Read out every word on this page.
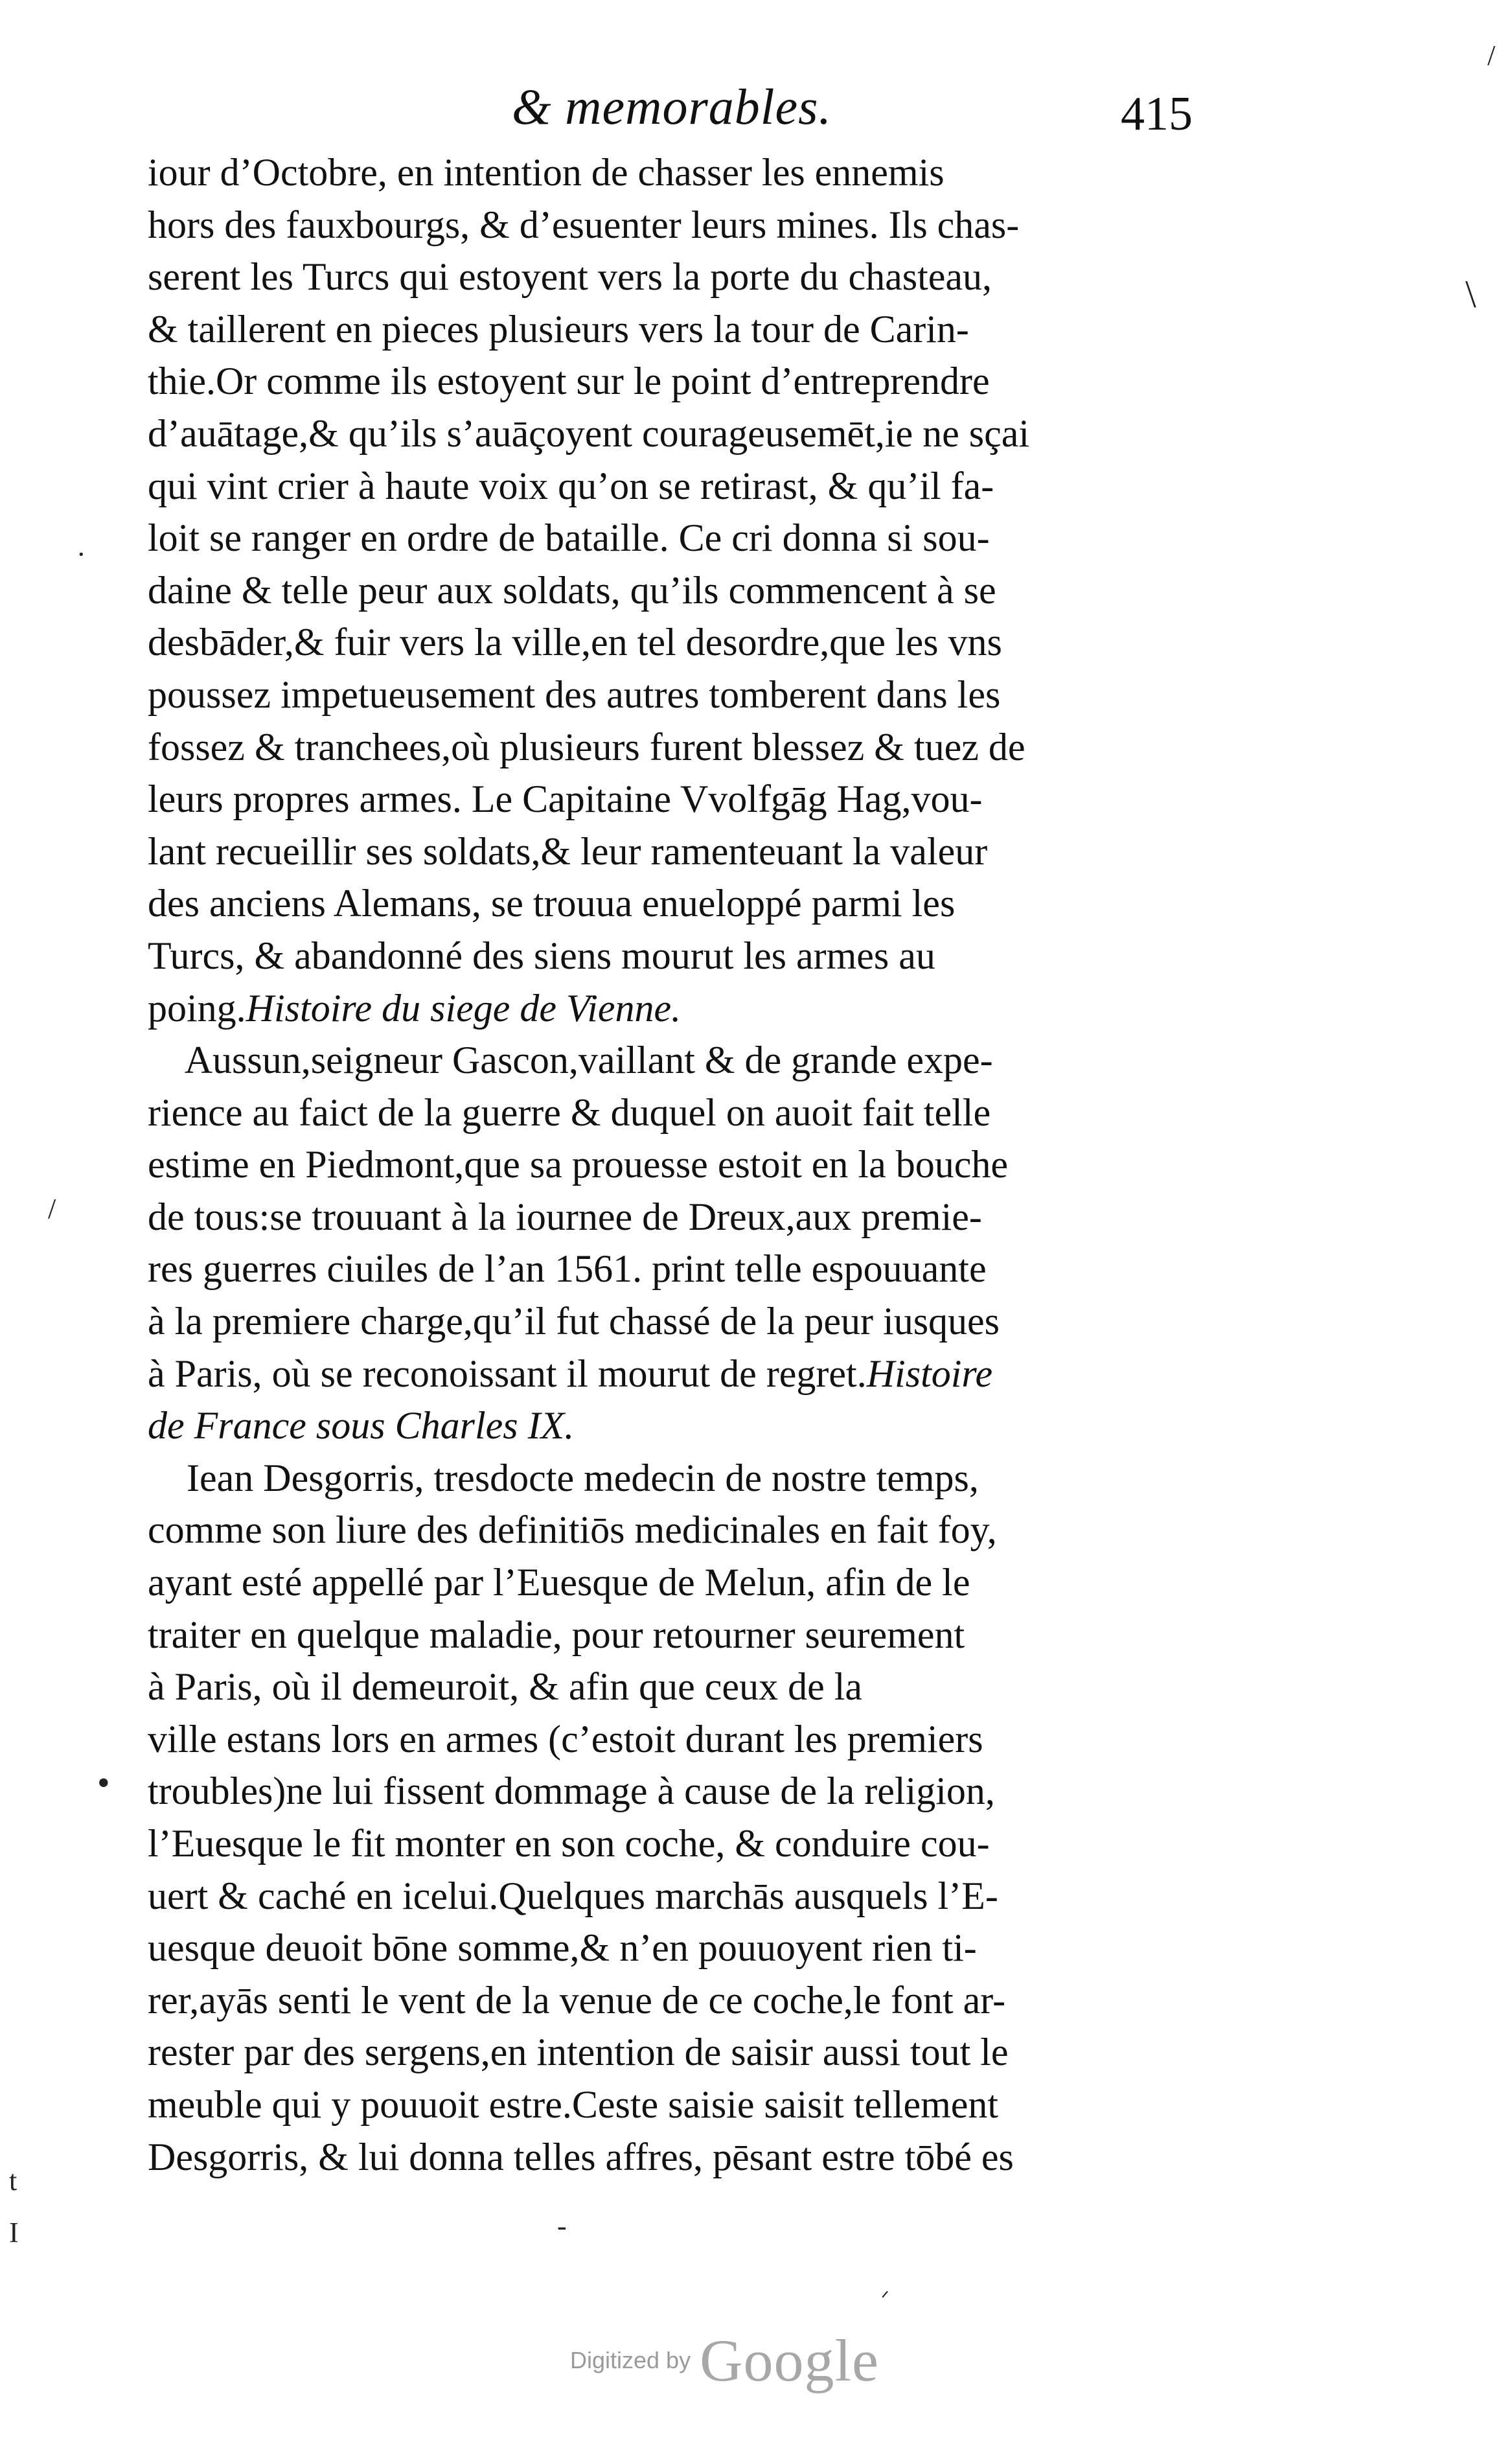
& memorables.	415
iour d’Octobre, en intention de chasser les ennemis
hors des fauxbourgs, & d’esuenter leurs mines. Ils chas-
serent les Turcs qui estoyent vers la porte du chasteau,
& taillerent en pieces plusieurs vers la tour de Carin-
thie.Or comme ils estoyent sur le point d’entreprendre
d’auātage,& qu’ils s’auāçoyent courageusemēt,ie ne sçai
qui vint crier à haute voix qu’on se retirast, & qu’il fa-
loit se ranger en ordre de bataille. Ce cri donna si sou-
daine & telle peur aux soldats, qu’ils commencent à se
desbāder,& fuir vers la ville,en tel desordre,que les vns
poussez impetueusement des autres tomberent dans les
fossez & tranchees,où plusieurs furent blessez & tuez de
leurs propres armes. Le Capitaine Vvolfgāg Hag,vou-
lant recueillir ses soldats,& leur ramenteuant la valeur
des anciens Alemans, se trouua enueloppé parmi les
Turcs, & abandonné des siens mourut les armes au
poing.Histoire du siege de Vienne.
Aussun,seigneur Gascon,vaillant & de grande expe-
rience au faict de la guerre & duquel on auoit fait telle
estime en Piedmont,que sa prouesse estoit en la bouche
de tous:se trouuant à la iournee de Dreux,aux premie-
res guerres ciuiles de l’an 1561. print telle espouuante
à la premiere charge,qu’il fut chassé de la peur iusques
à Paris, où se reconoissant il mourut de regret.Histoire
de France sous Charles IX.
Iean Desgorris, tresdocte medecin de nostre temps,
comme son liure des definitiōs medicinales en fait foy,
ayant esté appellé par l’Euesque de Melun, afin de le
traiter en quelque maladie, pour retourner seurement
à Paris, où il demeuroit, & afin que ceux de la
ville estans lors en armes (c’estoit durant les premiers
troubles)ne lui fissent dommage à cause de la religion,
l’Euesque le fit monter en son coche, & conduire cou-
uert & caché en icelui.Quelques marchās ausquels l’E-
uesque deuoit bōne somme,& n’en pouuoyent rien ti-
rer,ayās senti le vent de la venue de ce coche,le font ar-
rester par des sergens,en intention de saisir aussi tout le
meuble qui y pouuoit estre.Ceste saisie saisit tellement
Desgorris, & lui donna telles affres, pēsant estre tōbé es
/
\
·
/
•
t
I	-
ᐟ
Digitized by Google
